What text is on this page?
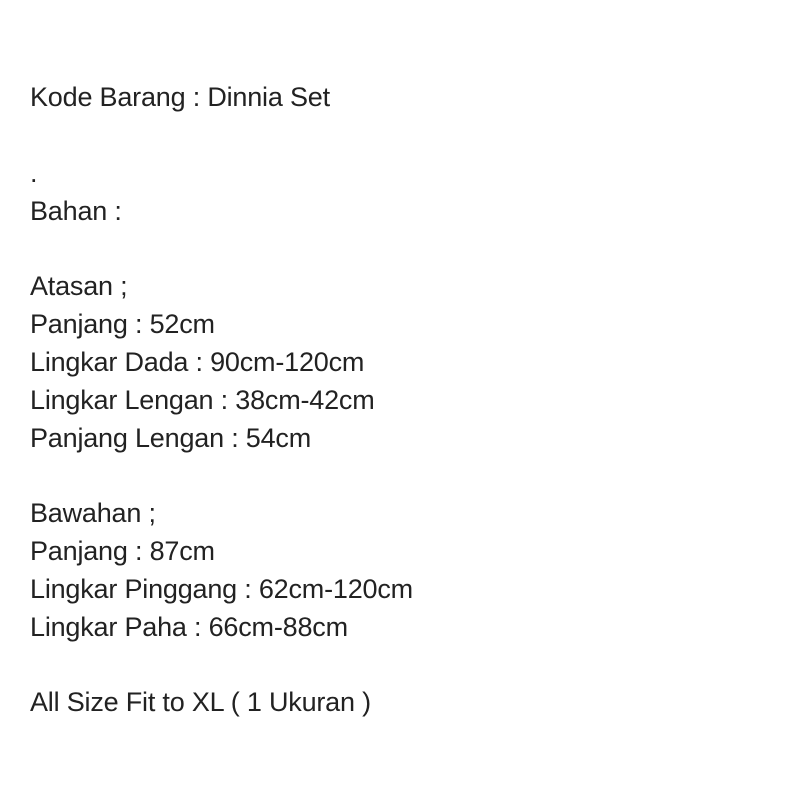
Kode Barang : Dinnia Set
.
Bahan :
Atasan ;
Panjang : 52cm
Lingkar Dada : 90cm-120cm
Lingkar Lengan : 38cm-42cm
Panjang Lengan : 54cm
Bawahan ;
Panjang : 87cm
Lingkar Pinggang : 62cm-120cm
Lingkar Paha : 66cm-88cm
All Size Fit to XL ( 1 Ukuran )
